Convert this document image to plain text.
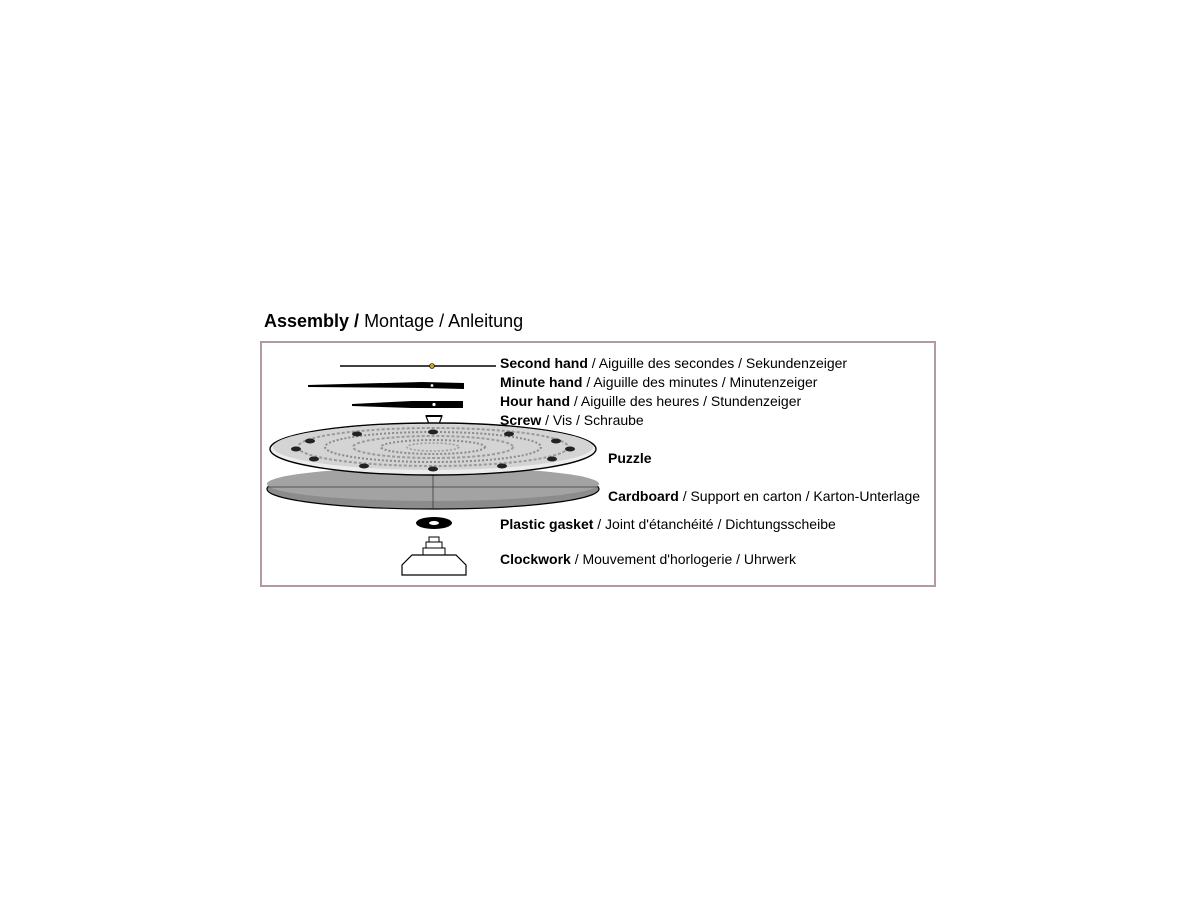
Assembly / Montage / Anleitung
Second hand / Aiguille des secondes / Sekundenzeiger
Minute hand / Aiguille des minutes / Minutenzeiger
Hour hand / Aiguille des heures / Stundenzeiger
Screw / Vis / Schraube
Puzzle
Cardboard / Support en carton / Karton-Unterlage
Plastic gasket / Joint d'étanchéité / Dichtungsscheibe
Clockwork / Mouvement d'horlogerie / Uhrwerk
